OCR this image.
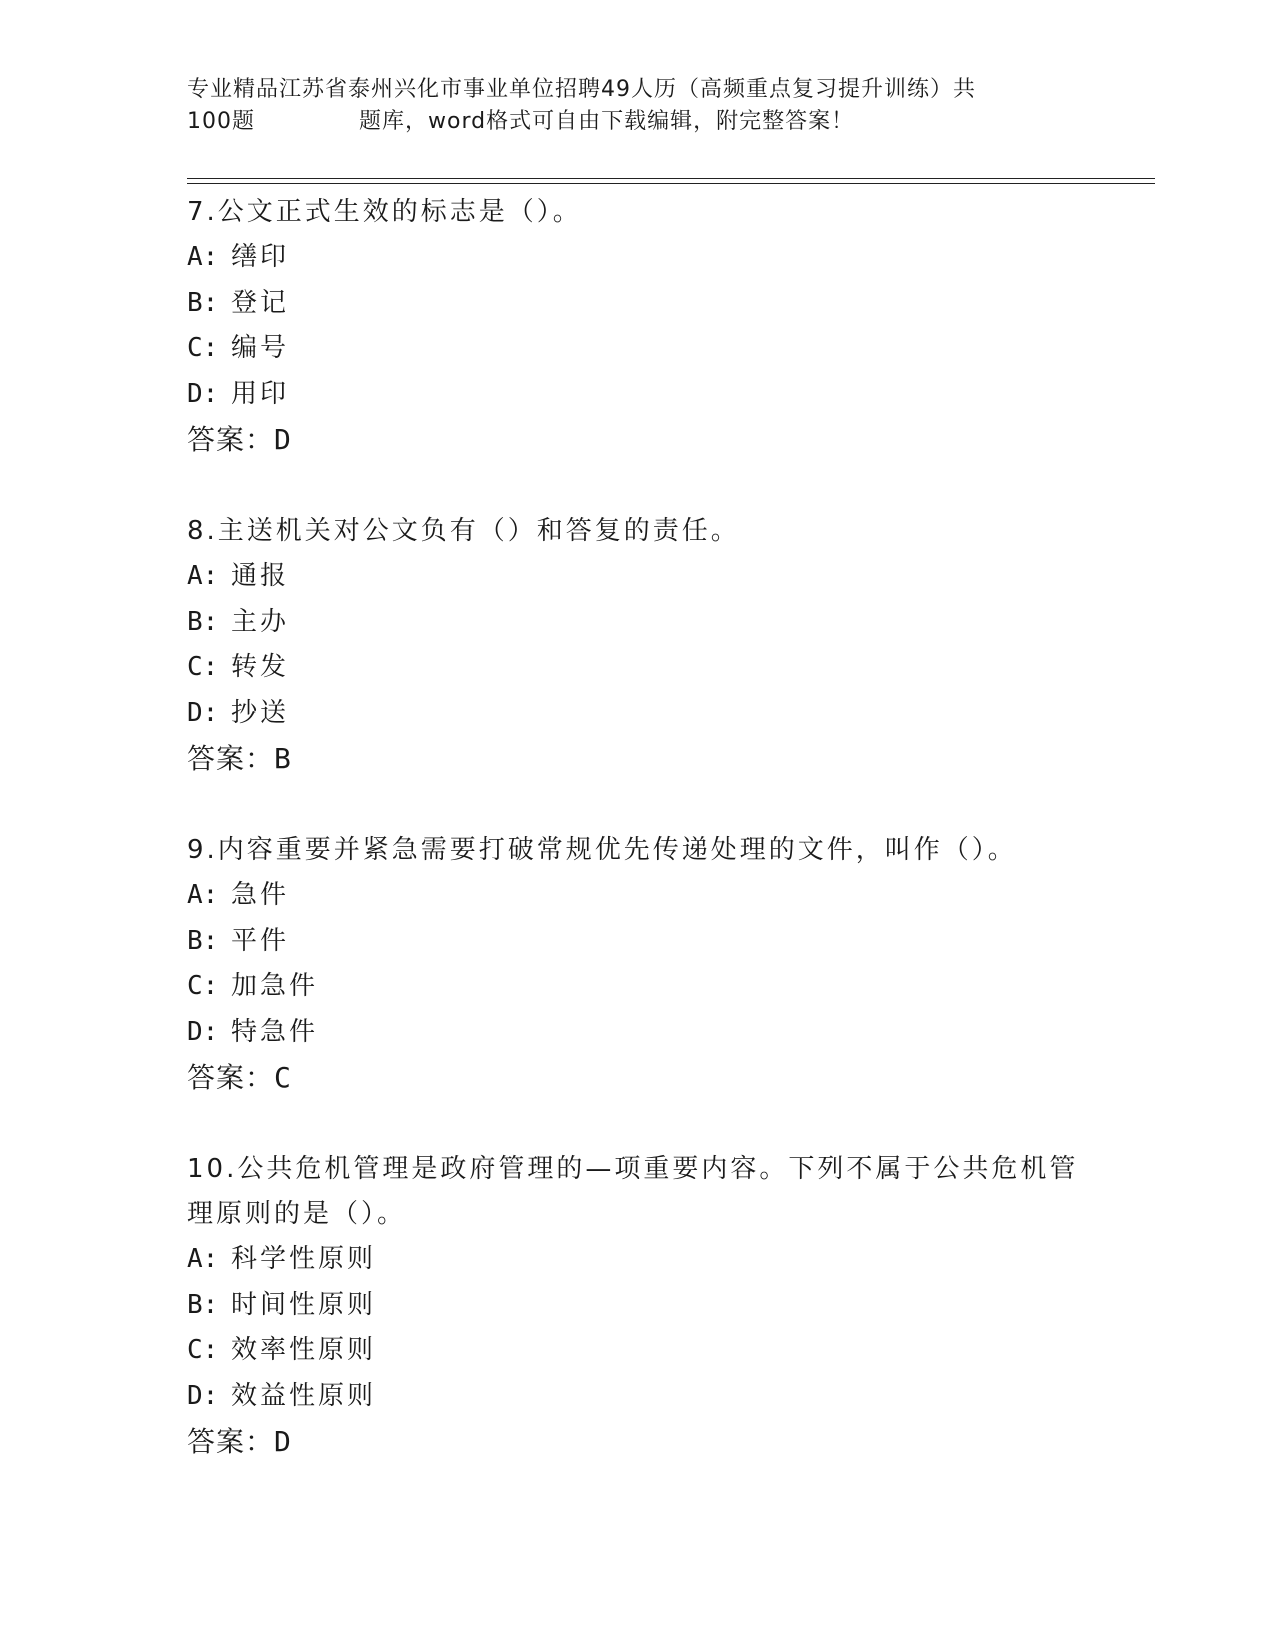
专业精品江苏省泰州兴化市事业单位招聘49人历（高频重点复习提升训练）共
100题	题库，word格式可自由下载编辑，附完整答案！

7.公文正式生效的标志是（）。

A: 缮印

B: 登记

C: 编号

D: 用印

答案：D

8.主送机关对公文负有（）和答复的责任。

A: 通报

B: 主办

C: 转发

D: 抄送

答案：B

9.内容重要并紧急需要打破常规优先传递处理的文件，叫作（）。

A: 急件

B: 平件

C: 加急件

D: 特急件

答案：C

10.公共危机管理是政府管理的—项重要内容。下列不属于公共危机管

理原则的是（）。

A: 科学性原则

B: 时间性原则

C: 效率性原则

D: 效益性原则

答案：D
